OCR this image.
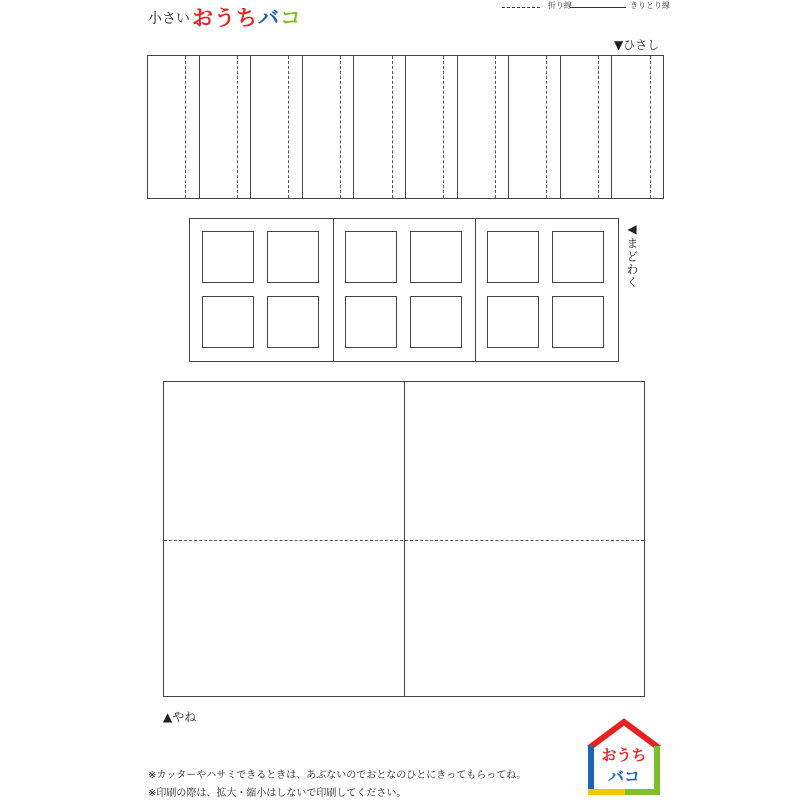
小さい おうちバコ
折り線	きりとり線
▼ひさし
◀まどわく
▲やね
※カッターやハサミできるときは、あぶないのでおとなのひとにきってもらってね。
※印刷の際は、拡大・縮小はしないで印刷してください。
おうち
バコ
